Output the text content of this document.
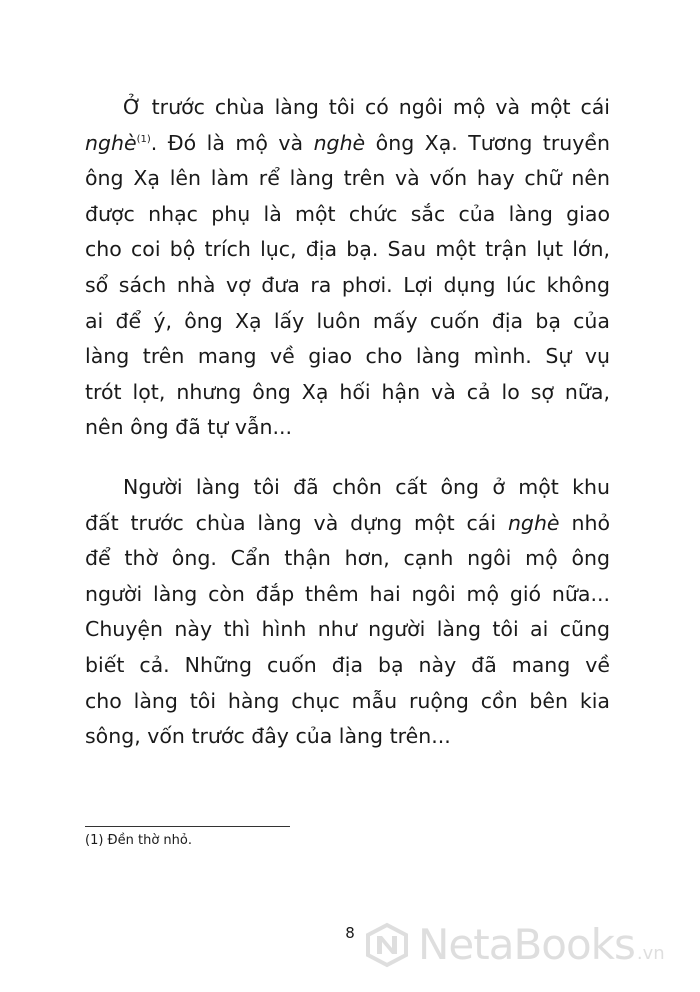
Ở trước chùa làng tôi có ngôi mộ và một cái
nghè$^{(1)}$. Đó là mộ và nghè ông Xạ. Tương truyền
ông Xạ lên làm rể làng trên và vốn hay chữ nên
được nhạc phụ là một chức sắc của làng giao
cho coi bộ trích lục, địa bạ. Sau một trận lụt lớn,
sổ sách nhà vợ đưa ra phơi. Lợi dụng lúc không
ai để ý, ông Xạ lấy luôn mấy cuốn địa bạ của
làng trên mang về giao cho làng mình. Sự vụ
trót lọt, nhưng ông Xạ hối hận và cả lo sợ nữa,
nên ông đã tự vẫn...
Người làng tôi đã chôn cất ông ở một khu
đất trước chùa làng và dựng một cái nghè nhỏ
để thờ ông. Cẩn thận hơn, cạnh ngôi mộ ông
người làng còn đắp thêm hai ngôi mộ gió nữa...
Chuyện này thì hình như người làng tôi ai cũng
biết cả. Những cuốn địa bạ này đã mang về
cho làng tôi hàng chục mẫu ruộng cồn bên kia
sông, vốn trước đây của làng trên...
(1) Đền thờ nhỏ.
8	NetaBooks .vn
